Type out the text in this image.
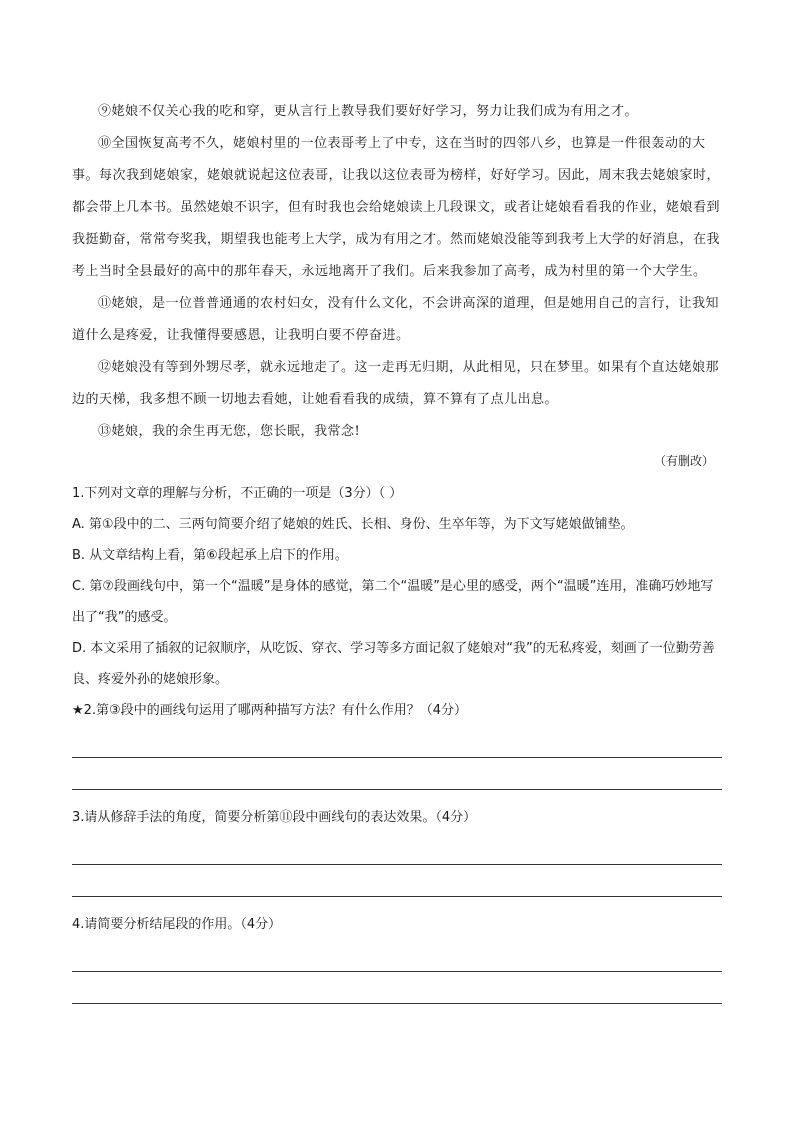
⑨姥娘不仅关心我的吃和穿，更从言行上教导我们要好好学习，努力让我们成为有用之才。

⑩全国恢复高考不久，姥娘村里的一位表哥考上了中专，这在当时的四邻八乡，也算是一件很轰动的大事。每次我到姥娘家，姥娘就说起这位表哥，让我以这位表哥为榜样，好好学习。因此，周末我去姥娘家时，都会带上几本书。虽然姥娘不识字，但有时我也会给姥娘读上几段课文，或者让姥娘看看我的作业，姥娘看到我挺勤奋，常常夸奖我，期望我也能考上大学，成为有用之才。然而姥娘没能等到我考上大学的好消息，在我考上当时全县最好的高中的那年春天，永远地离开了我们。后来我参加了高考，成为村里的第一个大学生。

⑪姥娘，是一位普普通通的农村妇女，没有什么文化，不会讲高深的道理，但是她用自己的言行，让我知道什么是疼爱，让我懂得要感恩，让我明白要不停奋进。

⑫姥娘没有等到外甥尽孝，就永远地走了。这一走再无归期，从此相见，只在梦里。如果有个直达姥娘那边的天梯，我多想不顾一切地去看她，让她看看我的成绩，算不算有了点儿出息。

⑬姥娘，我的余生再无您，您长眠，我常念!

（有删改）

1.下列对文章的理解与分析，不正确的一项是（3分）（ ）

A. 第①段中的二、三两句简要介绍了姥娘的姓氏、长相、身份、生卒年等，为下文写姥娘做铺垫。

B. 从文章结构上看，第⑥段起承上启下的作用。

C. 第⑦段画线句中，第一个“温暖”是身体的感觉，第二个“温暖”是心里的感受，两个“温暖”连用，准确巧妙地写出了“我”的感受。

D. 本文采用了插叙的记叙顺序，从吃饭、穿衣、学习等多方面记叙了姥娘对“我”的无私疼爱，刻画了一位勤劳善良、疼爱外孙的姥娘形象。

★2.第③段中的画线句运用了哪两种描写方法？有什么作用？（4分）

3.请从修辞手法的角度，简要分析第⑪段中画线句的表达效果。（4分）

4.请简要分析结尾段的作用。（4分）
